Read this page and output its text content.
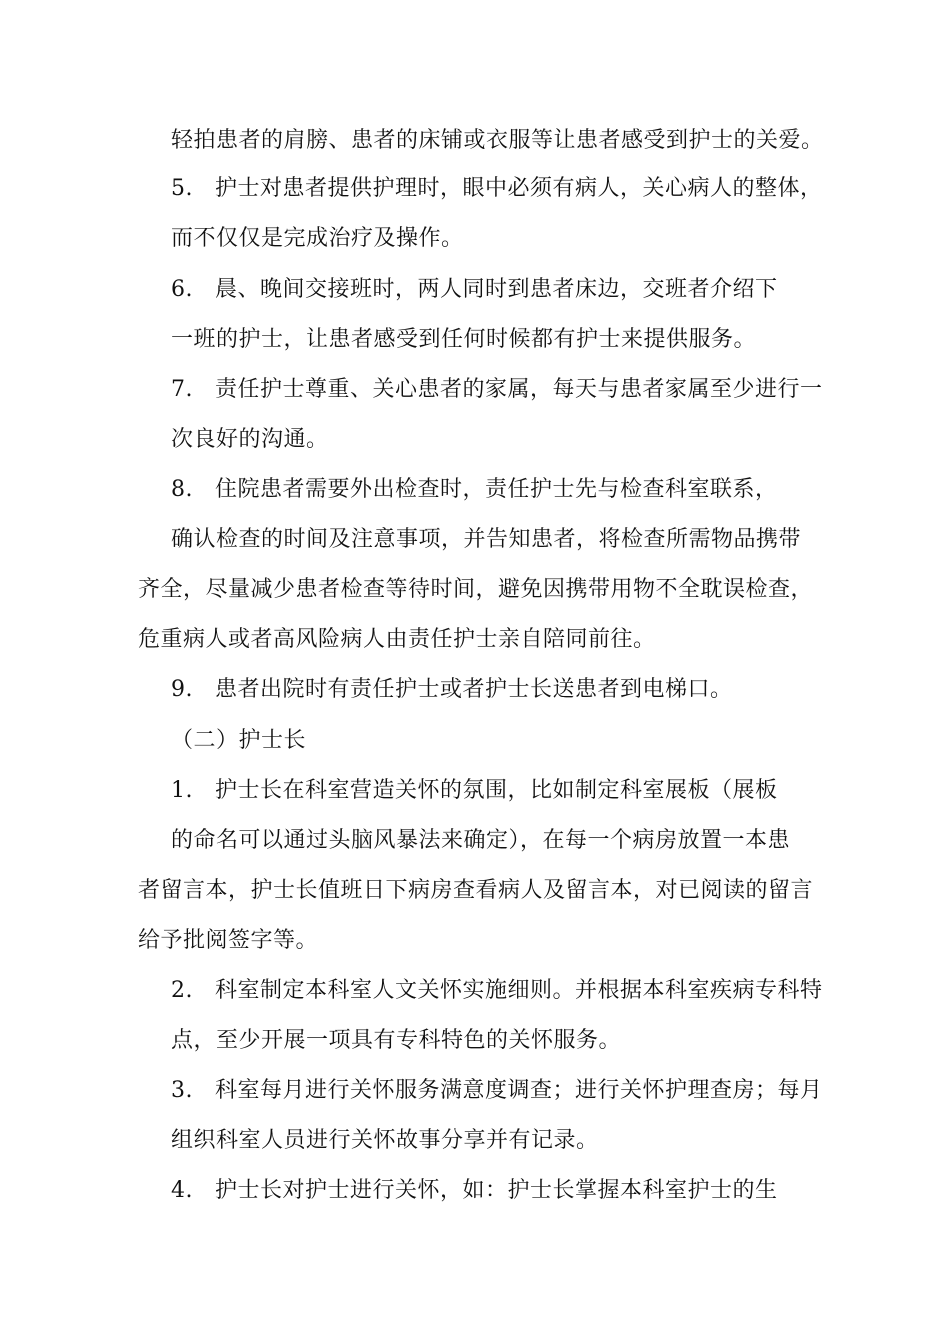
轻拍患者的肩膀、患者的床铺或衣服等让患者感受到护士的关爱。
5. 护士对患者提供护理时，眼中必须有病人，关心病人的整体，
而不仅仅是完成治疗及操作。
6. 晨、晚间交接班时，两人同时到患者床边，交班者介绍下
一班的护士，让患者感受到任何时候都有护士来提供服务。
7. 责任护士尊重、关心患者的家属，每天与患者家属至少进行一
次良好的沟通。
8. 住院患者需要外出检查时，责任护士先与检查科室联系，
确认检查的时间及注意事项，并告知患者，将检查所需物品携带
齐全，尽量减少患者检查等待时间，避免因携带用物不全耽误检查，
危重病人或者高风险病人由责任护士亲自陪同前往。
9. 患者出院时有责任护士或者护士长送患者到电梯口。
（二）护士长
1. 护士长在科室营造关怀的氛围，比如制定科室展板（展板
的命名可以通过头脑风暴法来确定），在每一个病房放置一本患
者留言本，护士长值班日下病房查看病人及留言本，对已阅读的留言
给予批阅签字等。
2. 科室制定本科室人文关怀实施细则。并根据本科室疾病专科特
点，至少开展一项具有专科特色的关怀服务。
3. 科室每月进行关怀服务满意度调查；进行关怀护理查房；每月
组织科室人员进行关怀故事分享并有记录。
4. 护士长对护士进行关怀，如：护士长掌握本科室护士的生
